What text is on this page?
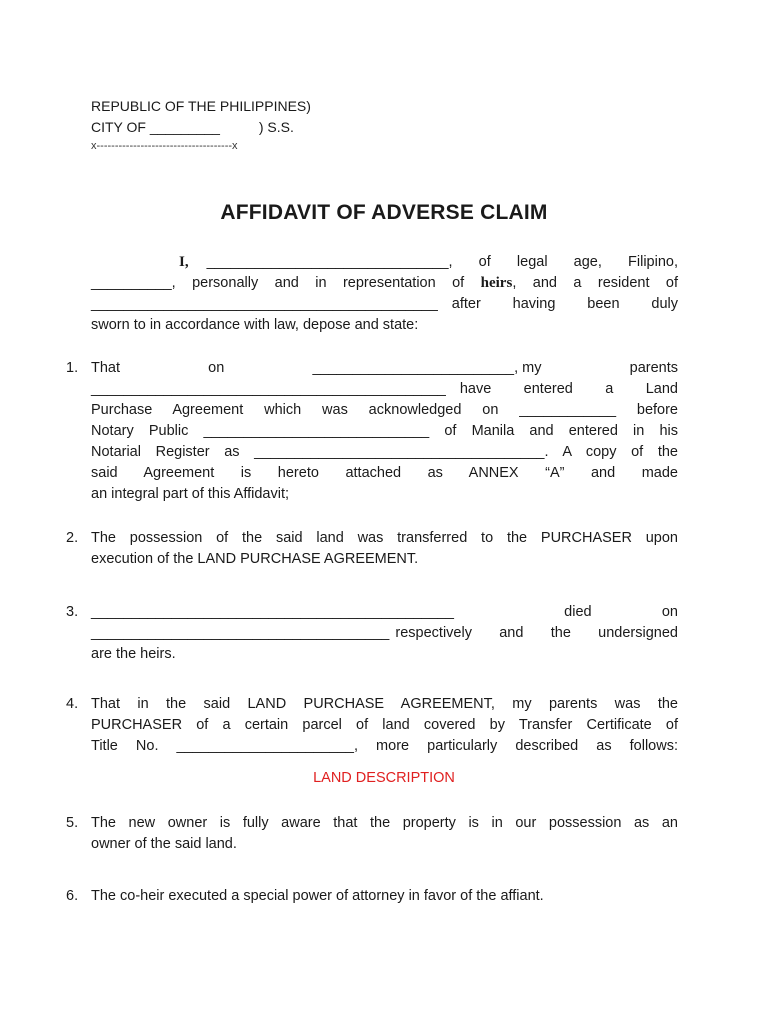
REPUBLIC OF THE PHILIPPINES)
CITY OF _________          ) S.S.
x-------------------------------------x
AFFIDAVIT OF ADVERSE CLAIM
I, ______________________________, of legal age, Filipino,
__________, personally and in representation of heirs, and a resident of
___________________________________________ after having been duly
sworn to in accordance with law, depose and state:
1. That	on	_________________________, my	parents
____________________________________________ have entered a Land
Purchase Agreement which was acknowledged on ____________ before
Notary Public ____________________________ of Manila and entered in his
Notarial Register as ____________________________________. A copy of the
said Agreement is hereto attached as ANNEX “A” and made
an integral part of this Affidavit;
2. The possession of the said land was transferred to the PURCHASER upon
execution of the LAND PURCHASE AGREEMENT.
3. _____________________________________________	died	on
_____________________________________ respectively and the undersigned
are the heirs.
4. That in the said LAND PURCHASE AGREEMENT, my parents was the
PURCHASER of a certain parcel of land covered by Transfer Certificate of
Title No. ______________________, more particularly described as follows:
LAND DESCRIPTION
5. The new owner is fully aware that the property is in our possession as an
owner of the said land.
6. The co-heir executed a special power of attorney in favor of the affiant.
